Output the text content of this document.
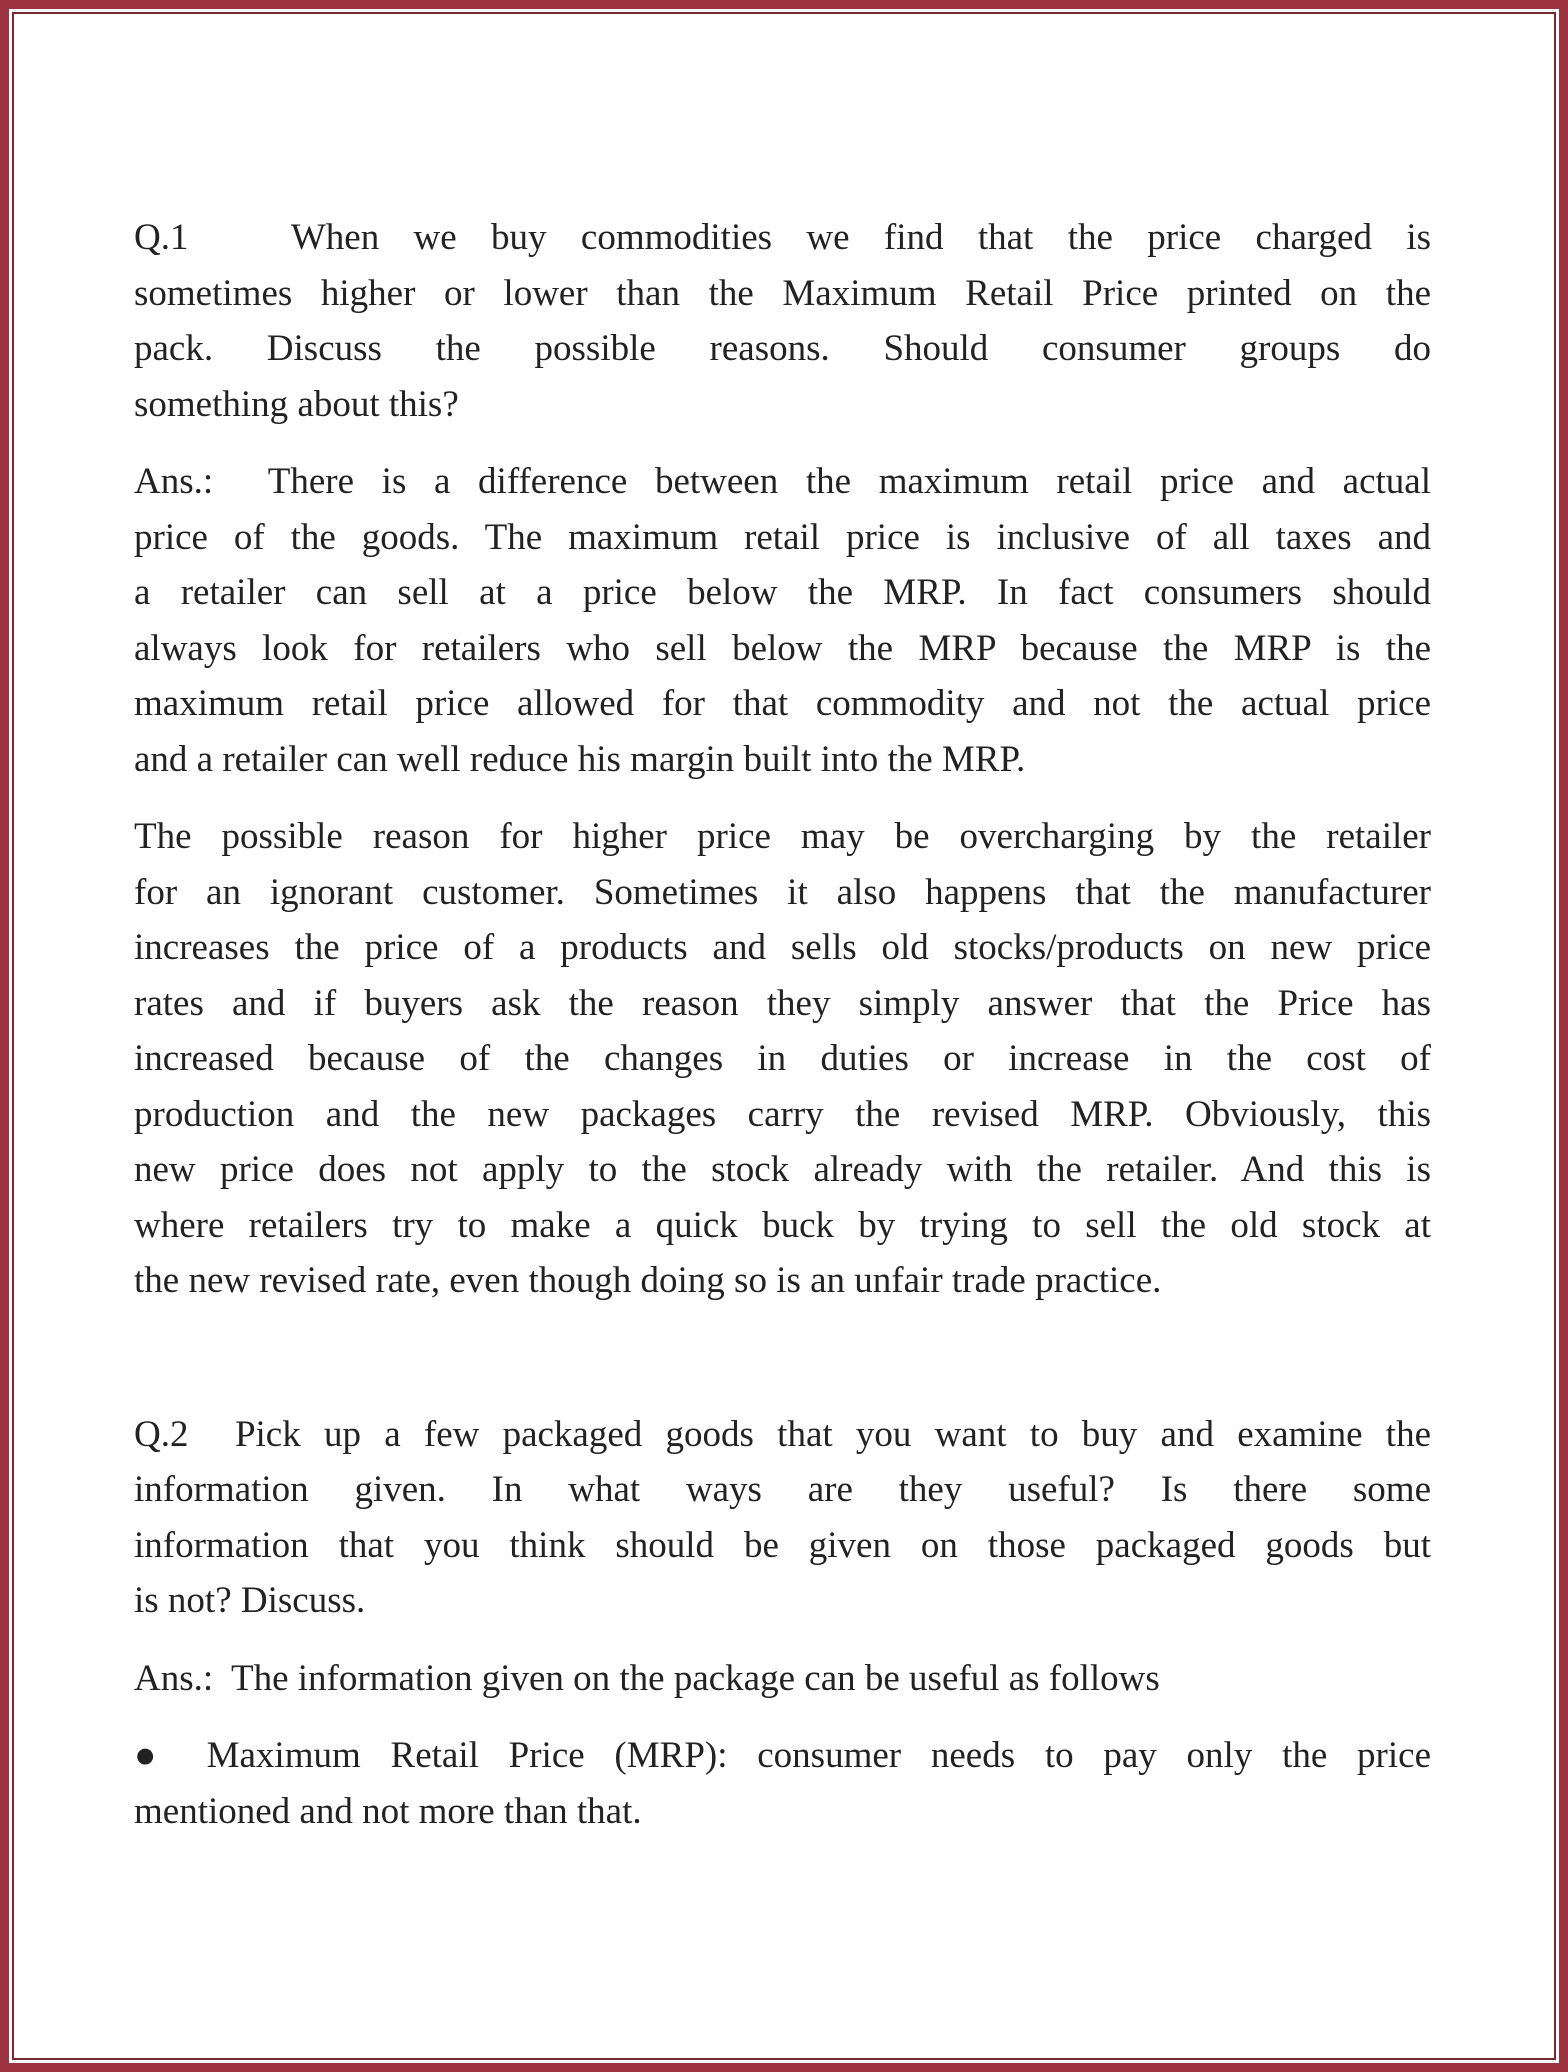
Q.1   When we buy commodities we find that the price charged is
sometimes higher or lower than the Maximum Retail Price printed on the
pack. Discuss the possible reasons. Should consumer groups do
something about this?
Ans.:  There is a difference between the maximum retail price and actual
price of the goods. The maximum retail price is inclusive of all taxes and
a retailer can sell at a price below the MRP. In fact consumers should
always look for retailers who sell below the MRP because the MRP is the
maximum retail price allowed for that commodity and not the actual price
and a retailer can well reduce his margin built into the MRP.
The possible reason for higher price may be overcharging by the retailer
for an ignorant customer. Sometimes it also happens that the manufacturer
increases the price of a products and sells old stocks/products on new price
rates and if buyers ask the reason they simply answer that the Price has
increased because of the changes in duties or increase in the cost of
production and the new packages carry the revised MRP. Obviously, this
new price does not apply to the stock already with the retailer. And this is
where retailers try to make a quick buck by trying to sell the old stock at
the new revised rate, even though doing so is an unfair trade practice.
Q.2  Pick up a few packaged goods that you want to buy and examine the
information given. In what ways are they useful? Is there some
information that you think should be given on those packaged goods but
is not? Discuss.
Ans.:  The information given on the package can be useful as follows
● Maximum Retail Price (MRP): consumer needs to pay only the price
mentioned and not more than that.
